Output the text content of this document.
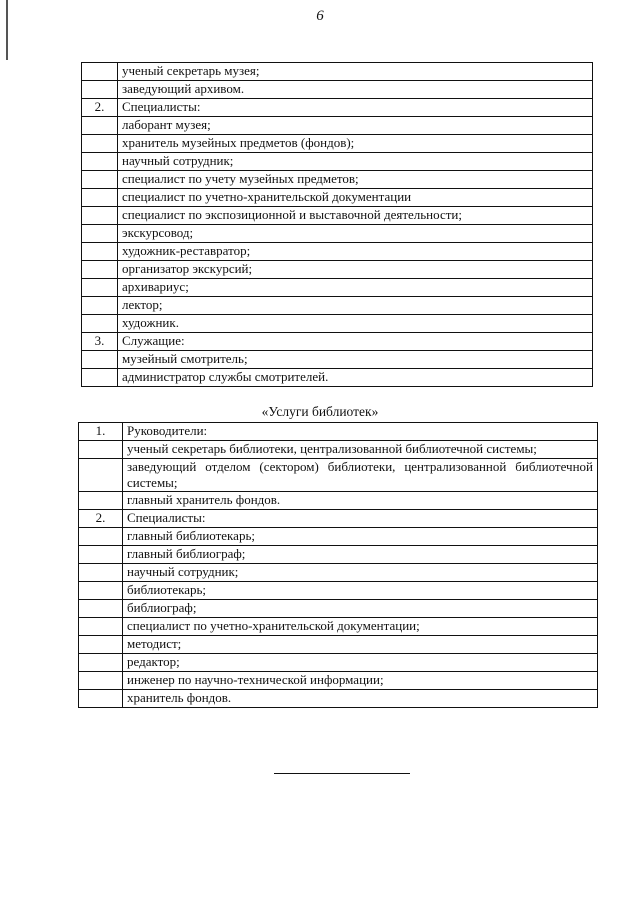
6
	ученый секретарь музея;
	заведующий архивом.
2.	Специалисты:
	лаборант музея;
	хранитель музейных предметов (фондов);
	научный сотрудник;
	специалист по учету музейных предметов;
	специалист по учетно-хранительской документации
	специалист по экспозиционной и выставочной деятельности;
	экскурсовод;
	художник-реставратор;
	организатор экскурсий;
	архивариус;
	лектор;
	художник.
3.	Служащие:
	музейный смотритель;
	администратор службы смотрителей.
«Услуги библиотек»
1.	Руководители:
	ученый секретарь библиотеки, централизованной библиотечной системы;
	заведующий отделом (сектором) библиотеки, централизованной библиотечной системы;
	главный хранитель фондов.
2.	Специалисты:
	главный библиотекарь;
	главный библиограф;
	научный сотрудник;
	библиотекарь;
	библиограф;
	специалист по учетно-хранительской документации;
	методист;
	редактор;
	инженер по научно-технической информации;
	хранитель фондов.
